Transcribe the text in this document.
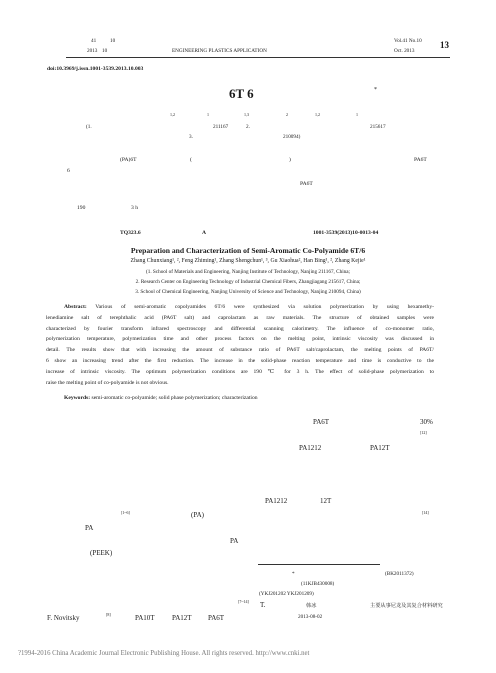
41	10
2013 10	ENGINEERING PLASTICS APPLICATION
Vol.41 No.10
Oct. 2013
13
doi:10.3969/j.issn.1001-3539.2013.10.003
6T 6	*
1,2	1	1,3	2	1,2	1
(1.	211167	2.	215617
3.	210094)
(PA)6T	(	)	PA6T
6
PA6T
190	3 h
TQ323.6	A	1001-3539(2013)10-0013-04
Preparation and Characterization of Semi-Aromatic Co-Polyamide 6T/6
Zhang Chunxiang¹, ², Feng Zhiming¹, Zhang Shengchun¹, ³, Gu Xiaohua², Han Bing¹, ², Zhang Kejie¹
(1. School of Materials and Engineering, Nanjing Institute of Technology, Nanjing 211167, China;
2. Research Center on Engineering Technology of Industrial Chemical Fibers, Zhangjiagang 215617, China;
3. School of Chemical Engineering, Nanjing University of Science and Technology, Nanjing 210094, China)
Abstract: Various of semi-aromatic copolyamides 6T/6 were synthesized via solution polymerization by using hexamethy-
lenediamine salt of terephthalic acid (PA6T salt) and caprolactam as raw materials. The structure of obtained samples were
characterized by fourier transform infrared spectroscopy and differential scanning calorimetry. The influence of co-monomer ratio,
polymerization temperature, polymerization time and other process factors on the melting point, intrinsic viscosity was discussed in
detail. The results show that with increasing the amount of substance ratio of PA6T salt/caprolactam, the melting points of PA6T/
6 show an increasing trend after the first reduction. The increase in the solid-phase reaction temperature and time is conductive to the
increase of intrinsic viscosity. The optimum polymerization conditions are 190 ℃ for 3 h. The effect of solid-phase polymerization to
raise the melting point of co-polyamide is not obvious.
Keywords: semi-aromatic co-polyamide; solid phase polymerization; characterization
PA6T	30%
[12]
PA1212	PA12T
PA1212	12T
[1~6]	(PA)	[14]
PA
PA
(PEEK)
*	(BK2011372)
(11KJB430008)
(YKJ201202 YKJ201209)
[7~14] T.	韩冰	主要从事尼龙及其复合材料研究
F. Novitsky	[8]	PA10T PA12T PA6T	2013-08-02
?1994-2016 China Academic Journal Electronic Publishing House. All rights reserved. http://www.cnki.net
